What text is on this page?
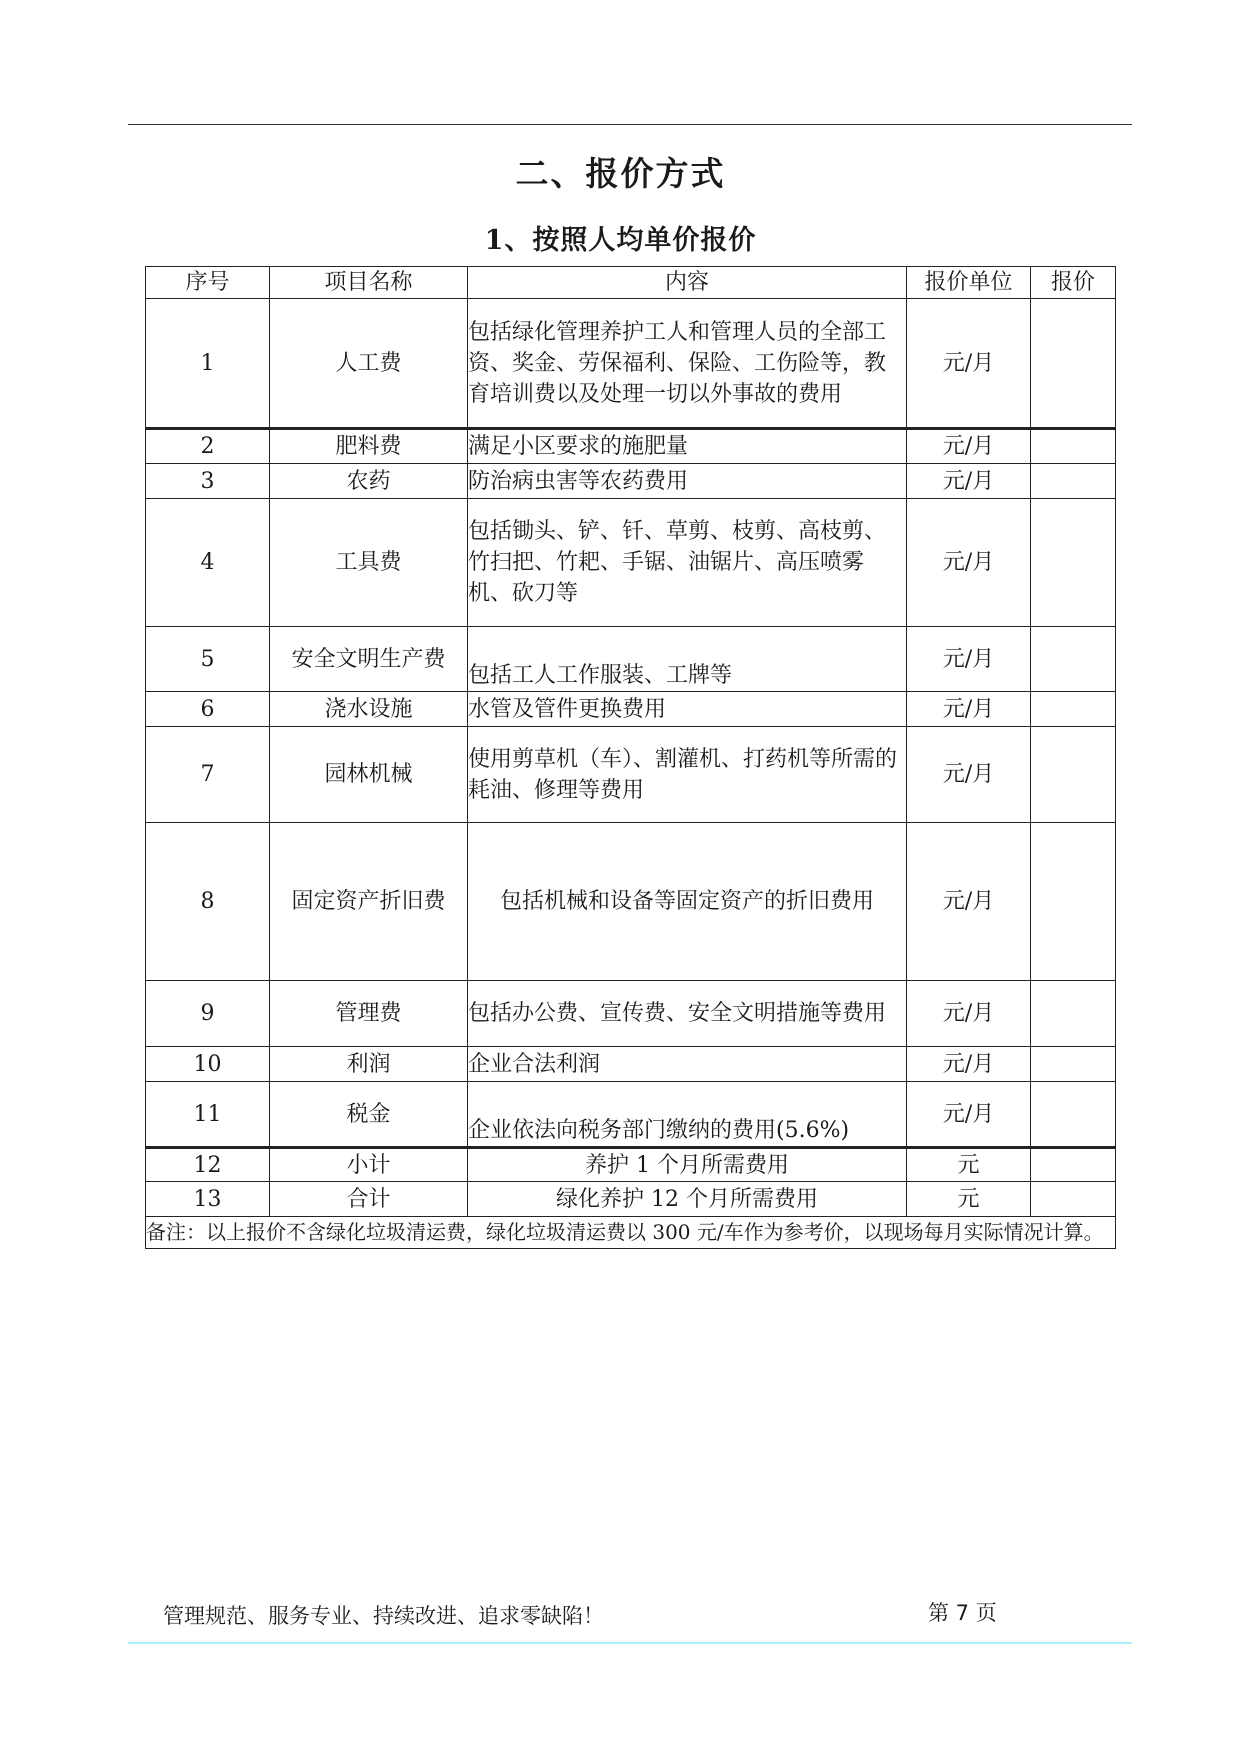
二、报价方式
1、按照人均单价报价
序号	项目名称	内容	报价单位	报价
1	人工费	包括绿化管理养护工人和管理人员的全部工资、奖金、劳保福利、保险、工伤险等，教育培训费以及处理一切以外事故的费用	元/月	
2	肥料费	满足小区要求的施肥量	元/月	
3	农药	防治病虫害等农药费用	元/月	
4	工具费	包括锄头、铲、钎、草剪、枝剪、高枝剪、竹扫把、竹耙、手锯、油锯片、高压喷雾机、砍刀等	元/月	
5	安全文明生产费	包括工人工作服装、工牌等	元/月	
6	浇水设施	水管及管件更换费用	元/月	
7	园林机械	使用剪草机（车）、割灌机、打药机等所需的耗油、修理等费用	元/月	
8	固定资产折旧费	包括机械和设备等固定资产的折旧费用	元/月	
9	管理费	包括办公费、宣传费、安全文明措施等费用	元/月	
10	利润	企业合法利润	元/月	
11	税金	企业依法向税务部门缴纳的费用(5.6%)	元/月	
12	小计	养护 1 个月所需费用	元	
13	合计	绿化养护 12 个月所需费用	元	
备注：以上报价不含绿化垃圾清运费，绿化垃圾清运费以 300 元/车作为参考价，以现场每月实际情况计算。				
管理规范、服务专业、持续改进、追求零缺陷！	第 7 页
